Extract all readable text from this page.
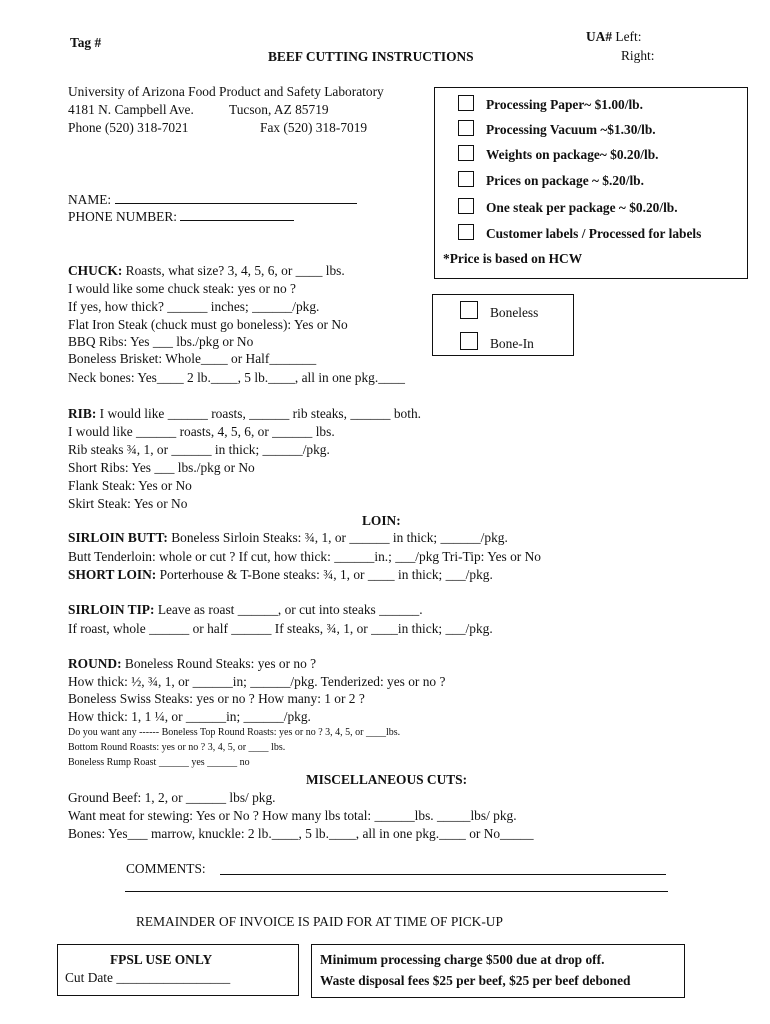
Tag #
BEEF CUTTING INSTRUCTIONS
UA# Left:
Right:
University of Arizona Food Product and Safety Laboratory
4181 N. Campbell Ave.	Tucson, AZ 85719
Phone (520) 318-7021	Fax (520) 318-7019
NAME:
PHONE NUMBER:
Processing Paper~ $1.00/lb.
Processing Vacuum ~$1.30/lb.
Weights on package~ $0.20/lb.
Prices on package ~ $.20/lb.
One steak per package ~ $0.20/lb.
Customer labels / Processed for labels
*Price is based on HCW
Boneless
Bone-In
CHUCK: Roasts, what size? 3, 4, 5, 6, or ____ lbs.
I would like some chuck steak: yes or no ?
If yes, how thick? ______ inches; ______/pkg.
Flat Iron Steak (chuck must go boneless): Yes or No
BBQ Ribs: Yes ___ lbs./pkg or No
Boneless Brisket: Whole____ or Half_______
Neck bones: Yes____ 2 lb.____, 5 lb.____, all in one pkg.____
RIB: I would like ______ roasts, ______ rib steaks, ______ both.
I would like ______ roasts, 4, 5, 6, or ______ lbs.
Rib steaks ¾, 1, or ______ in thick; ______/pkg.
Short Ribs: Yes ___ lbs./pkg or No
Flank Steak: Yes or No
Skirt Steak: Yes or No
LOIN:
SIRLOIN BUTT: Boneless Sirloin Steaks: ¾, 1, or ______ in thick; ______/pkg.
Butt Tenderloin: whole or cut ? If cut, how thick: ______in.; ___/pkg Tri-Tip: Yes or No
SHORT LOIN: Porterhouse & T-Bone steaks: ¾, 1, or ____ in thick; ___/pkg.
SIRLOIN TIP: Leave as roast ______, or cut into steaks ______.
If roast, whole ______ or half ______ If steaks, ¾, 1, or ____in thick; ___/pkg.
ROUND: Boneless Round Steaks: yes or no ?
How thick: ½, ¾, 1, or ______in; ______/pkg. Tenderized: yes or no ?
Boneless Swiss Steaks: yes or no ? How many: 1 or 2 ?
How thick: 1, 1 ¼, or ______in; ______/pkg.
Do you want any ------ Boneless Top Round Roasts: yes or no ? 3, 4, 5, or ____lbs.
Bottom Round Roasts: yes or no ? 3, 4, 5, or ____ lbs.
Boneless Rump Roast ______ yes ______ no
MISCELLANEOUS CUTS:
Ground Beef: 1, 2, or ______ lbs/ pkg.
Want meat for stewing: Yes or No ? How many lbs total: ______lbs. _____lbs/ pkg.
Bones: Yes___ marrow, knuckle: 2 lb.____, 5 lb.____, all in one pkg.____ or No_____
COMMENTS:
REMAINDER OF INVOICE IS PAID FOR AT TIME OF PICK-UP
FPSL USE ONLY
Cut Date _________________
Minimum processing charge $500 due at drop off.
Waste disposal fees $25 per beef, $25 per beef deboned
